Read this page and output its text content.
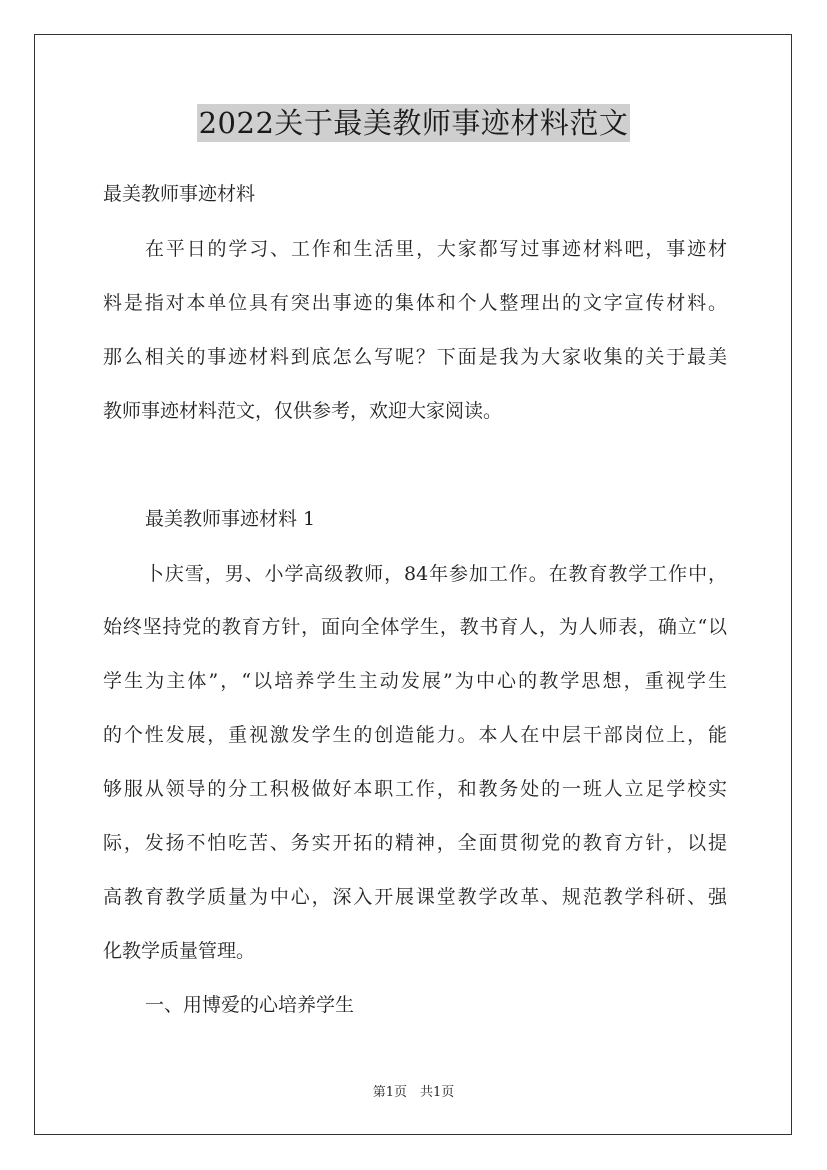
2022关于最美教师事迹材料范文
最美教师事迹材料
在平日的学习、工作和生活里，大家都写过事迹材料吧，事迹材
料是指对本单位具有突出事迹的集体和个人整理出的文字宣传材料。
那么相关的事迹材料到底怎么写呢？下面是我为大家收集的关于最美
教师事迹材料范文，仅供参考，欢迎大家阅读。
最美教师事迹材料 1
卜庆雪，男、小学高级教师，84年参加工作。在教育教学工作中，
始终坚持党的教育方针，面向全体学生，教书育人，为人师表，确立“以
学生为主体”，“以培养学生主动发展”为中心的教学思想，重视学生
的个性发展，重视激发学生的创造能力。本人在中层干部岗位上，能
够服从领导的分工积极做好本职工作，和教务处的一班人立足学校实
际，发扬不怕吃苦、务实开拓的精神，全面贯彻党的教育方针，以提
高教育教学质量为中心，深入开展课堂教学改革、规范教学科研、强
化教学质量管理。
一、用博爱的心培养学生
第1页　共1页
